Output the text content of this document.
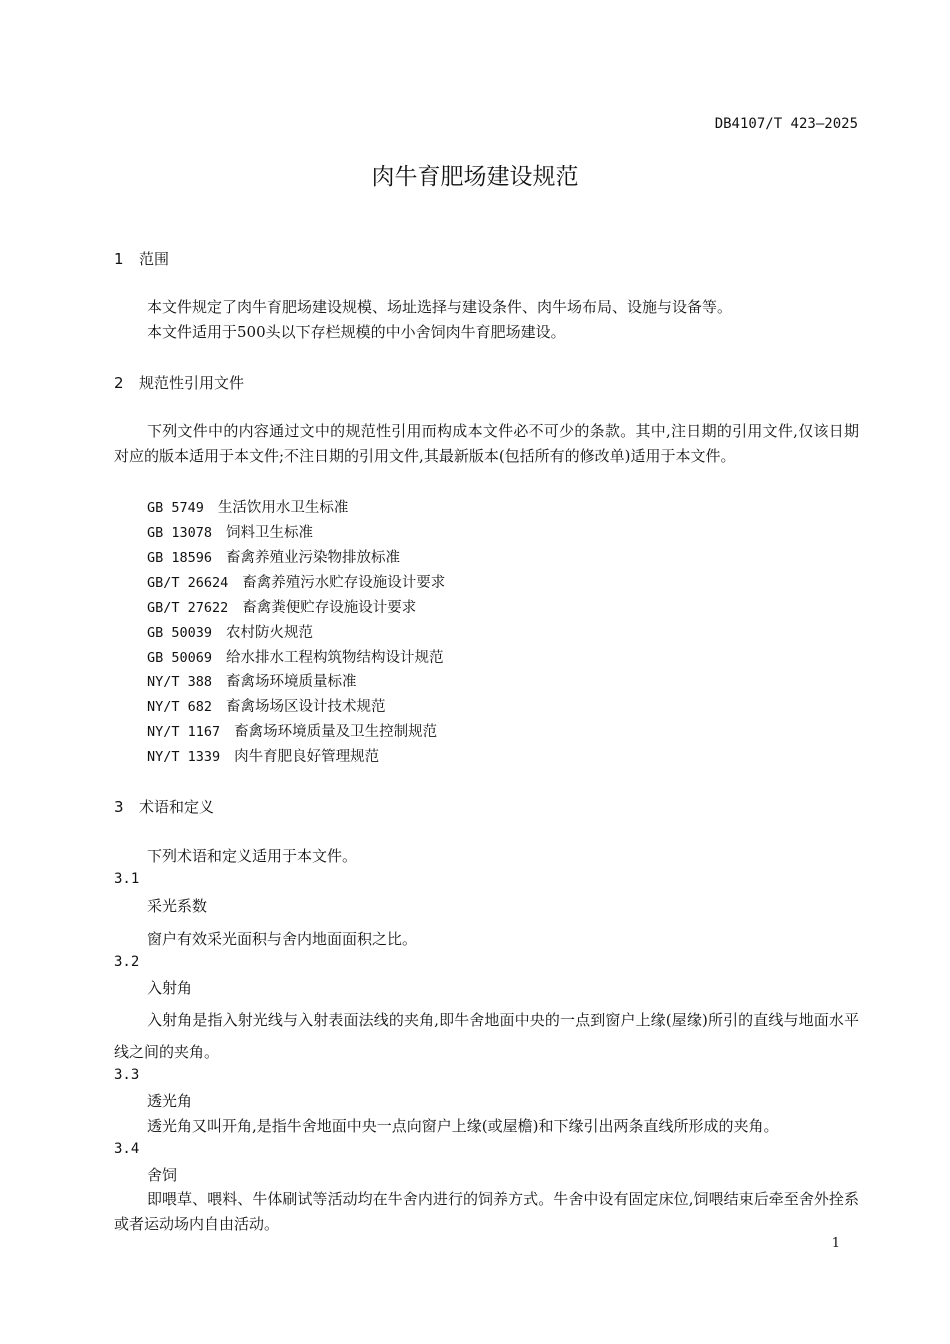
DB4107/T 423—2025
肉牛育肥场建设规范
1 范围
本文件规定了肉牛育肥场建设规模、场址选择与建设条件、肉牛场布局、设施与设备等。
本文件适用于500头以下存栏规模的中小舍饲肉牛育肥场建设。
2 规范性引用文件
下列文件中的内容通过文中的规范性引用而构成本文件必不可少的条款。其中,注日期的引用文件,仅该日期对应的版本适用于本文件;不注日期的引用文件,其最新版本(包括所有的修改单)适用于本文件。
GB 5749 生活饮用水卫生标准
GB 13078 饲料卫生标准
GB 18596 畜禽养殖业污染物排放标准
GB/T 26624 畜禽养殖污水贮存设施设计要求
GB/T 27622 畜禽粪便贮存设施设计要求
GB 50039 农村防火规范
GB 50069 给水排水工程构筑物结构设计规范
NY/T 388 畜禽场环境质量标准
NY/T 682 畜禽场场区设计技术规范
NY/T 1167 畜禽场环境质量及卫生控制规范
NY/T 1339 肉牛育肥良好管理规范
3 术语和定义
下列术语和定义适用于本文件。
3.1
采光系数
窗户有效采光面积与舍内地面面积之比。
3.2
入射角
入射角是指入射光线与入射表面法线的夹角,即牛舍地面中央的一点到窗户上缘(屋缘)所引的直线与地面水平线之间的夹角。
3.3
透光角
透光角又叫开角,是指牛舍地面中央一点向窗户上缘(或屋檐)和下缘引出两条直线所形成的夹角。
3.4
舍饲
即喂草、喂料、牛体刷试等活动均在牛舍内进行的饲养方式。牛舍中设有固定床位,饲喂结束后牵至舍外拴系或者运动场内自由活动。
1
